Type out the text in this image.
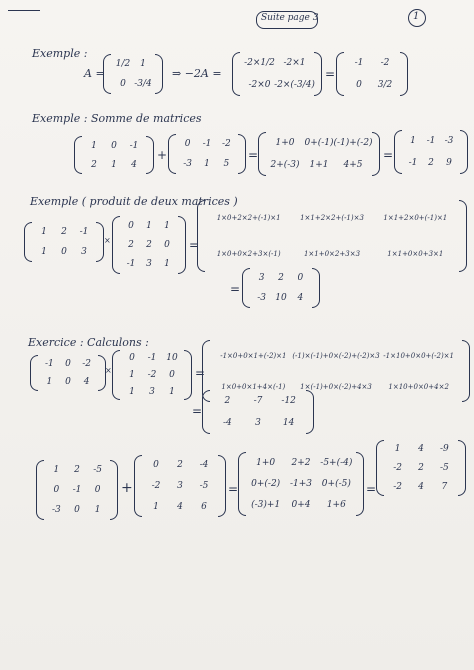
Suite page 3	1
Exemple :
A =
1/2 1
0 -3/4
⇒ −2A =
-2×1/2 -2×1
-2×0 -2×(-3/4)
=
-1 -2
0 3/2
Exemple : Somme de matrices
1 0 -1
2 1 4
+
0 -1 -2
-3 1 5
=
1+0 0+(-1) (-1)+(-2)
2+(-3) 1+1 4+5
=
1 -1 -3
-1 2 9
Exemple ( produit de deux matrices )
1 2 -1
1 0 3
×
0 1 1
2 2 0
-1 3 1
=
1×0+2×2+(-1)×1	1×1+2×2+(-1)×3	1×1+2×0+(-1)×1
1×0+0×2+3×(-1)	1×1+0×2+3×3	1×1+0×0+3×1
=
3 2 0
-3 10 4
Exercice : Calculons :
-1 0 -2
1 0 4
×
0 -1 10
1 -2 0
1 3 1
=
-1×0+0×1+(-2)×1 (-1)×(-1)+0×(-2)+(-2)×3 -1×10+0×0+(-2)×1
1×0+0×1+4×(-1) 1×(-1)+0×(-2)+4×3 1×10+0×0+4×2
=
2	-7 -12
-4	3 14
1 2 -5
0 -1 0
-3 0 1
+
0 2 -4
-2 3 -5
1 4 6
=
1+0 2+2 -5+(-4)
0+(-2) -1+3 0+(-5)
(-3)+1 0+4 1+6
=
1 4 -9
-2 2 -5
-2 4 7
